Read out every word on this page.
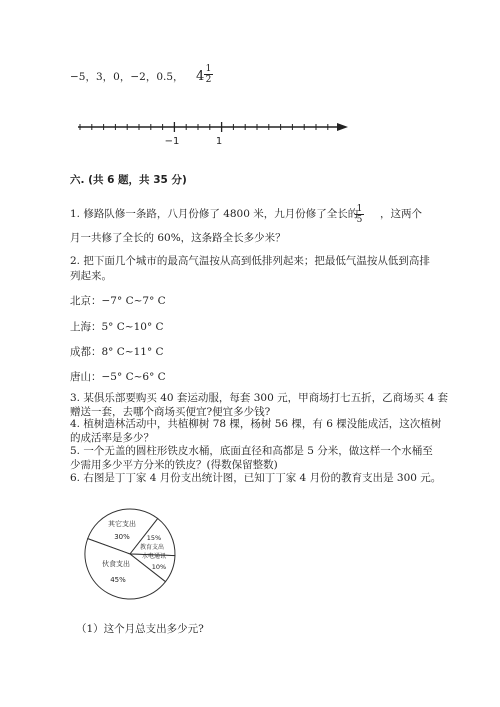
−5，3，0，−2，0.5， $4 \frac{1}{2}$
−1	1
六. (共 6 题，共 35 分)
1. 修路队修一条路，八月份修了 4800 米，九月份修了全长的
$\frac{1}{5}$ ，这两个
月一共修了全长的 60%，这条路全长多少米？
2. 把下面几个城市的最高气温按从高到低排列起来；把最低气温按从低到高排
列起来。
北京：−7° C~7° C
上海：5° C~10° C
成都：8° C~11° C
唐山：−5° C~6° C
3. 某俱乐部要购买 40 套运动服，每套 300 元，甲商场打七五折，乙商场买 4 套
赠送一套，去哪个商场买便宜?便宜多少钱?
4. 植树造林活动中，共植柳树 78 棵，杨树 56 棵，有 6 棵没能成活，这次植树
的成活率是多少？
5. 一个无盖的圆柱形铁皮水桶，底面直径和高都是 5 分米，做这样一个水桶至
少需用多少平方分米的铁皮？(得数保留整数)
6. 右图是丁丁家 4 月份支出统计图，已知丁丁家 4 月份的教育支出是 300 元。
其它支出
30%	15%
教育支出
水电通讯
10%
伙食支出
45%
（1）这个月总支出多少元?
